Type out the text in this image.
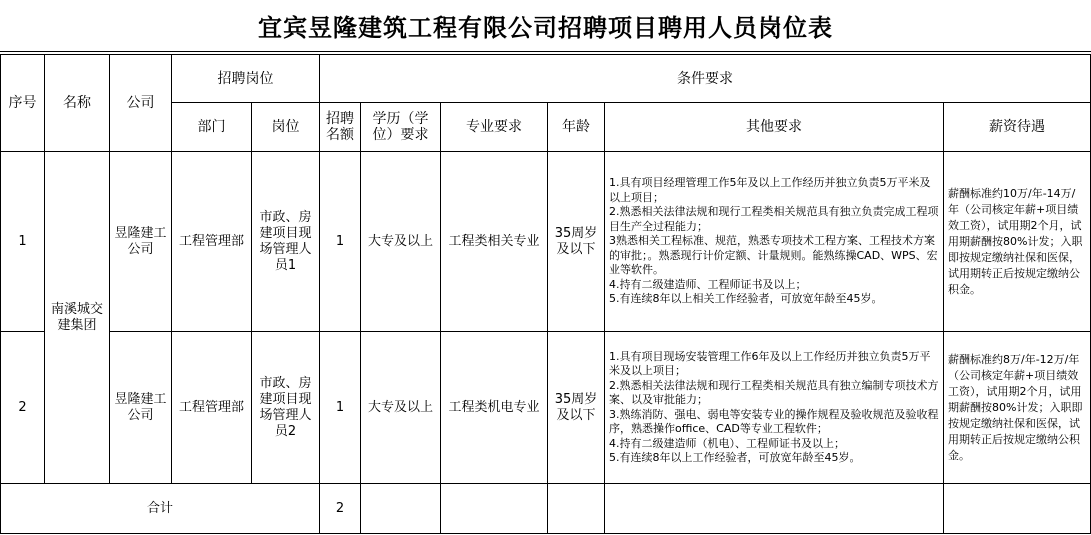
宜宾昱隆建筑工程有限公司招聘项目聘用人员岗位表
序号	名称	公司	招聘岗位		条件要求					
			部门	岗位	招聘名额	学历（学位）要求	专业要求	年龄	其他要求	薪资待遇
1	南溪城交建集团	昱隆建工公司	工程管理部	市政、房建项目现场管理人员1	1	大专及以上	工程类相关专业	35周岁及以下	1.具有项目经理管理工作5年及以上工作经历并独立负责5万平米及以上项目；
2.熟悉相关法律法规和现行工程类相关规范具有独立负责完成工程项目生产全过程能力；
3熟悉相关工程标准、规范，熟悉专项技术工程方案、工程技术方案的审批；。熟悉现行计价定额、计量规则。能熟练操CAD、WPS、宏业等软件。
4.持有二级建造师、工程师证书及以上；
5.有连续8年以上相关工作经验者，可放宽年龄至45岁。	薪酬标准约10万/年-14万/年（公司核定年薪+项目绩效工资），试用期2个月，试用期薪酬按80%计发；入职即按规定缴纳社保和医保，试用期转正后按规定缴纳公积金。
2		昱隆建工公司	工程管理部	市政、房建项目现场管理人员2	1	大专及以上	工程类机电专业	35周岁及以下	1.具有项目现场安装管理工作6年及以上工作经历并独立负责5万平米及以上项目；
2.熟悉相关法律法规和现行工程类相关规范具有独立编制专项技术方案、以及审批能力；
3.熟练消防、强电、弱电等安装专业的操作规程及验收规范及验收程序，熟悉操作office、CAD等专业工程软件；
4.持有二级建造师（机电）、工程师证书及以上；
5.有连续8年以上工作经验者，可放宽年龄至45岁。	薪酬标准约8万/年-12万/年（公司核定年薪+项目绩效工资），试用期2个月，试用期薪酬按80%计发；入职即按规定缴纳社保和医保，试用期转正后按规定缴纳公积金。
合计					2					
